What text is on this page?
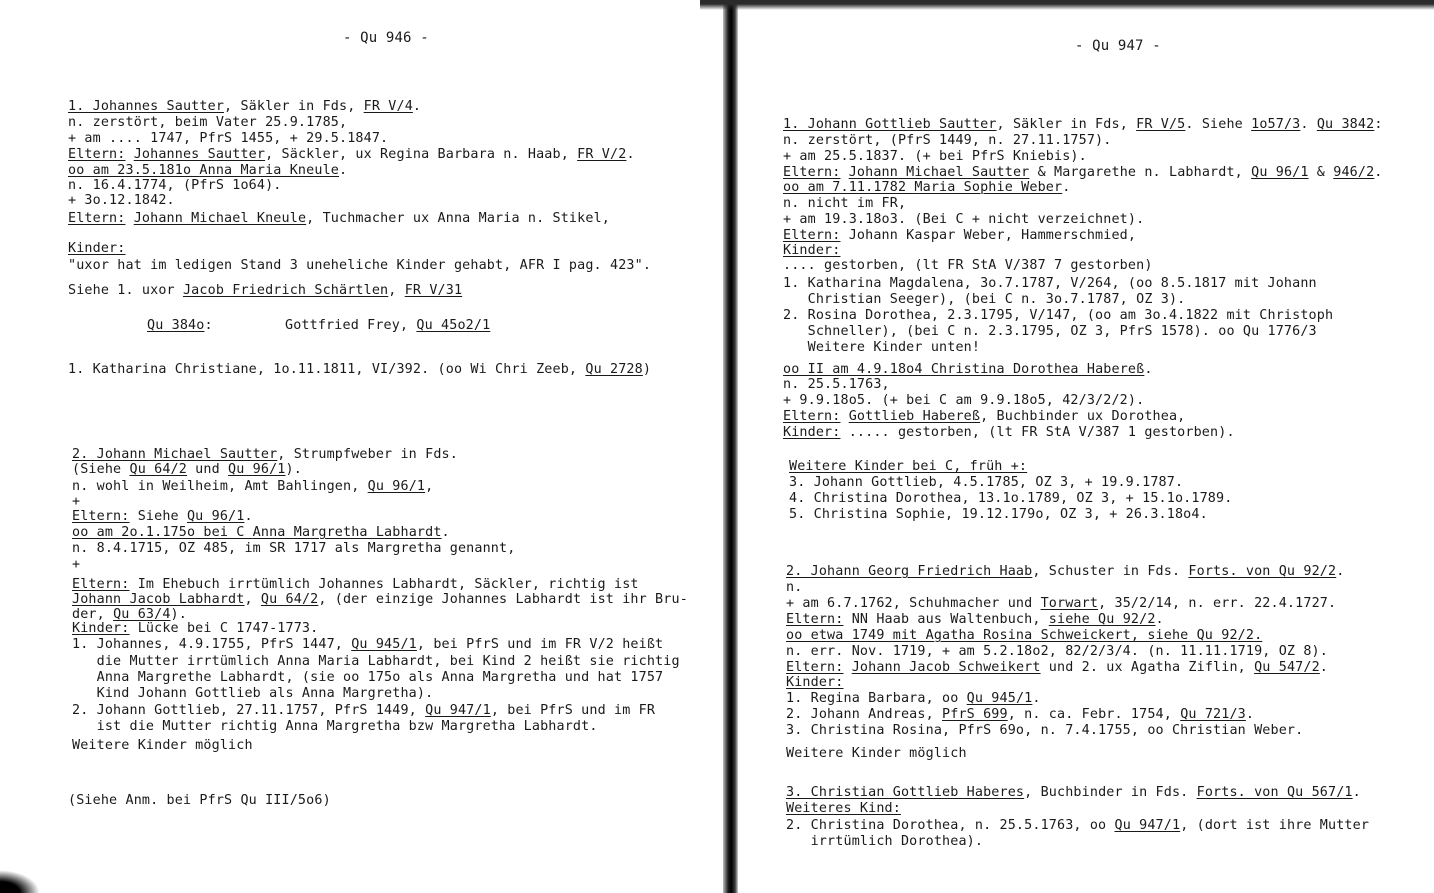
- Qu 946 -
1. Johannes Sautter, Säkler in Fds, FR V/4.
n. zerstört, beim Vater 25.9.1785,
+ am .... 1747, PfrS 1455, + 29.5.1847.
Eltern: Johannes Sautter, Säckler, ux Regina Barbara n. Haab, FR V/2.
oo am 23.5.181o Anna Maria Kneule.
n. 16.4.1774, (PfrS 1o64).
+ 3o.12.1842.
Eltern: Johann Michael Kneule, Tuchmacher ux Anna Maria n. Stikel,
Kinder:
"uxor hat im ledigen Stand 3 uneheliche Kinder gehabt, AFR I pag. 423".
Siehe 1. uxor Jacob Friedrich Schärtlen, FR V/31
Qu 384o:	Gottfried Frey, Qu 45o2/1
1. Katharina Christiane, 1o.11.1811, VI/392. (oo Wi Chri Zeeb, Qu 2728)
2. Johann Michael Sautter, Strumpfweber in Fds.
(Siehe Qu 64/2 und Qu 96/1).
n. wohl in Weilheim, Amt Bahlingen, Qu 96/1,
+
Eltern: Siehe Qu 96/1.
oo am 2o.1.175o bei C Anna Margretha Labhardt.
n. 8.4.1715, OZ 485, im SR 1717 als Margretha genannt,
+
Eltern: Im Ehebuch irrtümlich Johannes Labhardt, Säckler, richtig ist
Johann Jacob Labhardt, Qu 64/2, (der einzige Johannes Labhardt ist ihr Bru-
der, Qu 63/4).
Kinder: Lücke bei C 1747-1773.
1. Johannes, 4.9.1755, PfrS 1447, Qu 945/1, bei PfrS und im FR V/2 heißt
die Mutter irrtümlich Anna Maria Labhardt, bei Kind 2 heißt sie richtig
Anna Margrethe Labhardt, (sie oo 175o als Anna Margretha und hat 1757
Kind Johann Gottlieb als Anna Margretha).
2. Johann Gottlieb, 27.11.1757, PfrS 1449, Qu 947/1, bei PfrS und im FR
ist die Mutter richtig Anna Margretha bzw Margretha Labhardt.
Weitere Kinder möglich
(Siehe Anm. bei PfrS Qu III/5o6)
- Qu 947 -
1. Johann Gottlieb Sautter, Säkler in Fds, FR V/5. Siehe 1o57/3. Qu 3842:
n. zerstört, (PfrS 1449, n. 27.11.1757).
+ am 25.5.1837. (+ bei PfrS Kniebis).
Eltern: Johann Michael Sautter & Margarethe n. Labhardt, Qu 96/1 & 946/2.
oo am 7.11.1782 Maria Sophie Weber.
n. nicht im FR,
+ am 19.3.18o3. (Bei C + nicht verzeichnet).
Eltern: Johann Kaspar Weber, Hammerschmied,
Kinder:
.... gestorben, (lt FR StA V/387 7 gestorben)
1. Katharina Magdalena, 3o.7.1787, V/264, (oo 8.5.1817 mit Johann
Christian Seeger), (bei C n. 3o.7.1787, OZ 3).
2. Rosina Dorothea, 2.3.1795, V/147, (oo am 3o.4.1822 mit Christoph
Schneller), (bei C n. 2.3.1795, OZ 3, PfrS 1578). oo Qu 1776/3
Weitere Kinder unten!
oo II am 4.9.18o4 Christina Dorothea Habereß.
n. 25.5.1763,
+ 9.9.18o5. (+ bei C am 9.9.18o5, 42/3/2/2).
Eltern: Gottlieb Habereß, Buchbinder ux Dorothea,
Kinder: ..... gestorben, (lt FR StA V/387 1 gestorben).
Weitere Kinder bei C, früh +:
3. Johann Gottlieb, 4.5.1785, OZ 3, + 19.9.1787.
4. Christina Dorothea, 13.1o.1789, OZ 3, + 15.1o.1789.
5. Christina Sophie, 19.12.179o, OZ 3, + 26.3.18o4.
2. Johann Georg Friedrich Haab, Schuster in Fds. Forts. von Qu 92/2.
n.
+ am 6.7.1762, Schuhmacher und Torwart, 35/2/14, n. err. 22.4.1727.
Eltern: NN Haab aus Waltenbuch, siehe Qu 92/2.
oo etwa 1749 mit Agatha Rosina Schweickert, siehe Qu 92/2.
n. err. Nov. 1719, + am 5.2.18o2, 82/2/3/4. (n. 11.11.1719, OZ 8).
Eltern: Johann Jacob Schweikert und 2. ux Agatha Ziflin, Qu 547/2.
Kinder:
1. Regina Barbara, oo Qu 945/1.
2. Johann Andreas, PfrS 699, n. ca. Febr. 1754, Qu 721/3.
3. Christina Rosina, PfrS 69o, n. 7.4.1755, oo Christian Weber.
Weitere Kinder möglich
3. Christian Gottlieb Haberes, Buchbinder in Fds. Forts. von Qu 567/1.
Weiteres Kind:
2. Christina Dorothea, n. 25.5.1763, oo Qu 947/1, (dort ist ihre Mutter
irrtümlich Dorothea).
